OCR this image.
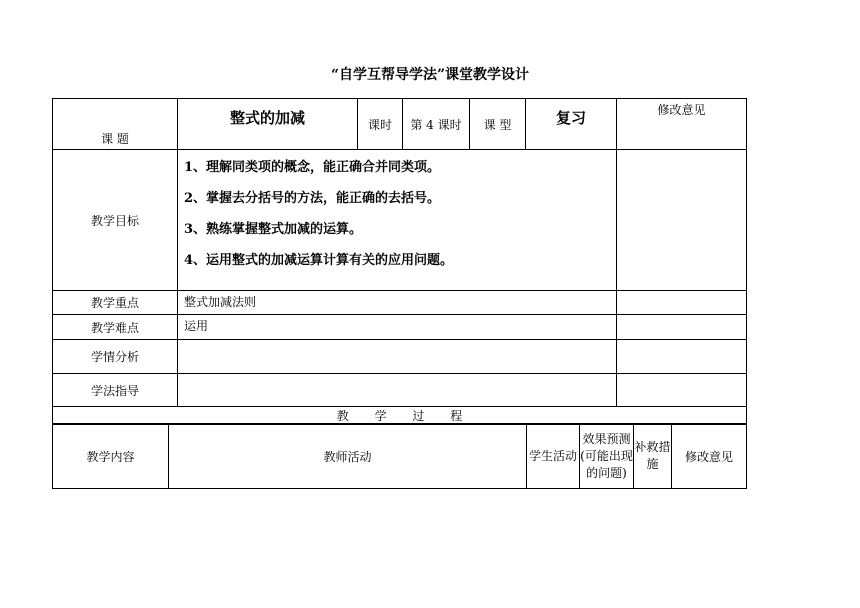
“自学互帮导学法”课堂教学设计
课 题	整式的加减	课时	第 4 课时	课 型	复习	修改意见
教学目标	1、理解同类项的概念，能正确合并同类项。

2、掌握去分括号的方法，能正确的去括号。

3、熟练掌握整式加减的运算。

4、运用整式的加减运算计算有关的应用问题。					

教学重点	整式加减法则					
教学难点	运用					
学情分析						
学法指导						
教 学 过 程						
教学内容	教师活动	学生活动	效果预测(可能出现的问题)	补救措施	修改意见
